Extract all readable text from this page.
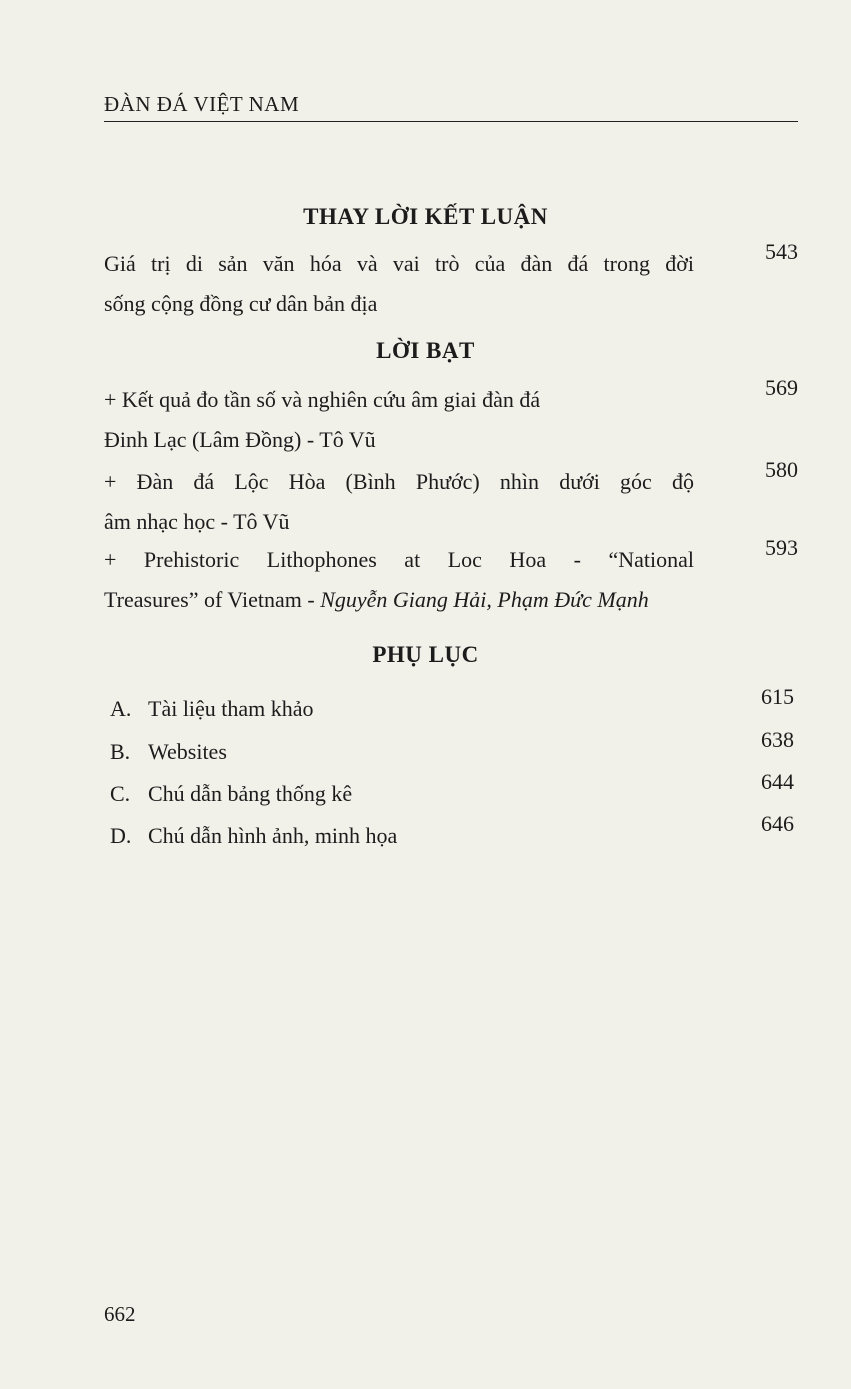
ĐÀN ĐÁ VIỆT NAM
THAY LỜI KẾT LUẬN
Giá trị di sản văn hóa và vai trò của đàn đá trong đời
sống cộng đồng cư dân bản địa
543
LỜI BẠT
+ Kết quả đo tần số và nghiên cứu âm giai đàn đá
Đinh Lạc (Lâm Đồng) - Tô Vũ
569
+ Đàn đá Lộc Hòa (Bình Phước) nhìn dưới góc độ
âm nhạc học - Tô Vũ
580
+ Prehistoric Lithophones at Loc Hoa - “National
Treasures” of Vietnam - Nguyễn Giang Hải, Phạm Đức Mạnh
593
PHỤ LỤC
A. Tài liệu tham khảo	615
B. Websites	638
C. Chú dẫn bảng thống kê	644
D. Chú dẫn hình ảnh, minh họa	646
662
